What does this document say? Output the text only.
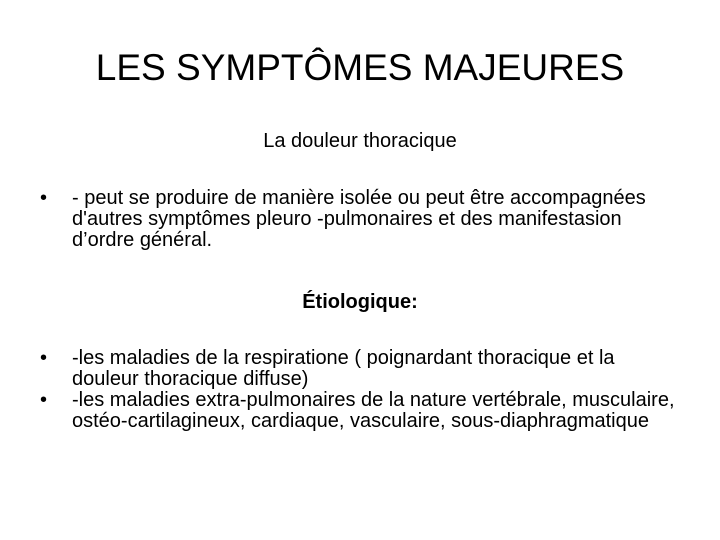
LES SYMPTÔMES MAJEURES

La douleur thoracique

•	- peut se produire de manière isolée ou peut être accompagnées d'autres symptômes pleuro -pulmonaires et des manifestasion d’ordre général.

Étiologique:

•	-les maladies de la respiratione ( poignardant thoracique et la douleur thoracique diffuse)
•	-les maladies extra-pulmonaires de la nature vertébrale, musculaire, ostéo-cartilagineux, cardiaque, vasculaire, sous-diaphragmatique
